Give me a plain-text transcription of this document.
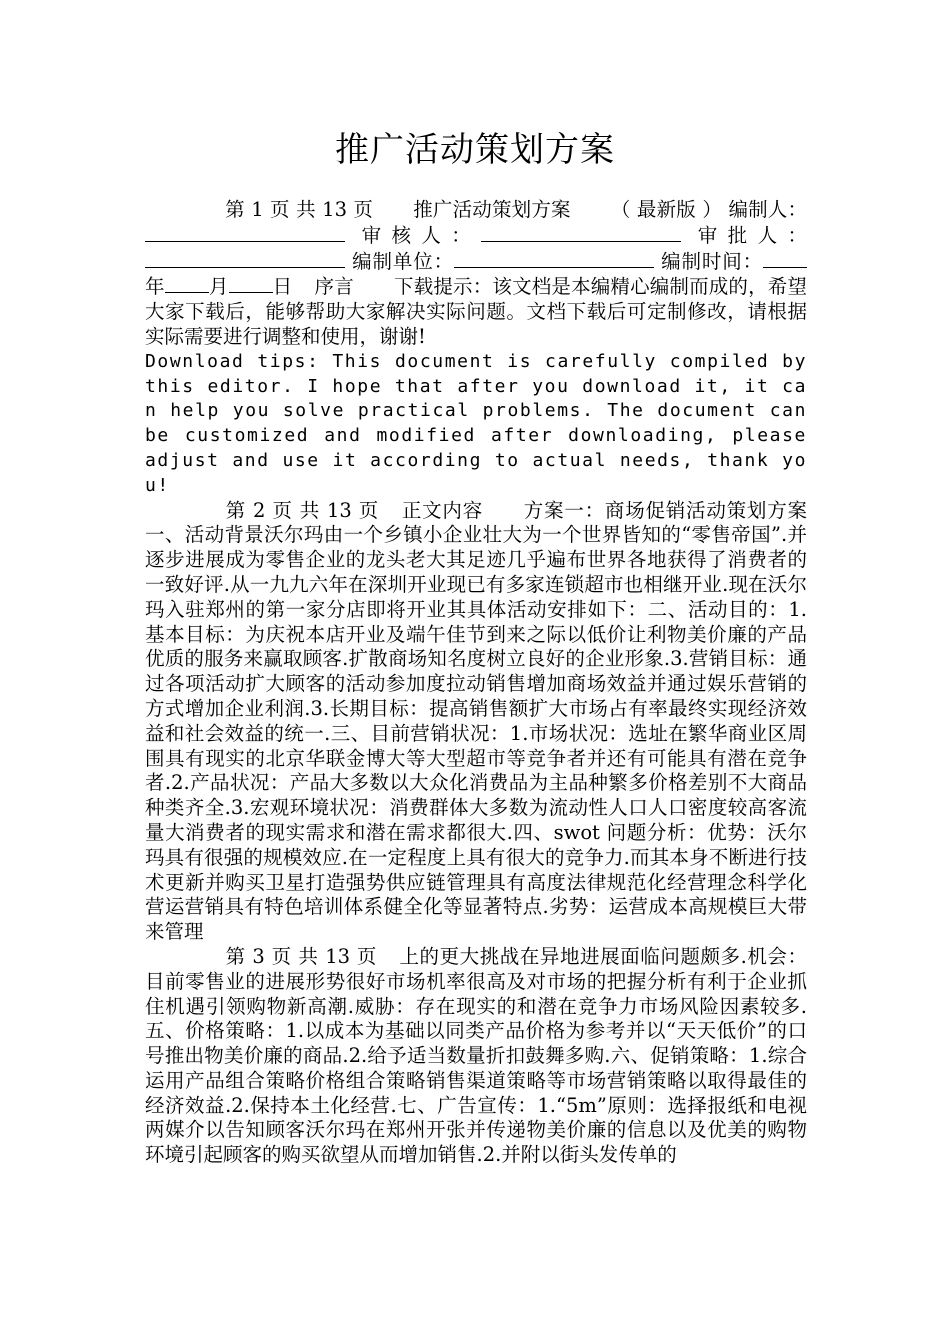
推广活动策划方案

第 1 页 共 13 页 推广活动策划方案 （ 最新版 ） 编制人： 审核人：	审批人： 编制单位：	编制时间：年 月 日 序言 下载提示：该文档是本编精心编制而成的，希望大家下载后，能够帮助大家解决实际问题。文档下载后可定制修改，请根据实际需要进行调整和使用，谢谢!

Download tips: This document is carefully compiled by this editor. I hope that after you download it, it can help you solve practical problems. The document can be customized and modified after downloading, please adjust and use it according to actual needs, thank you!

第 2 页 共 13 页 正文内容 方案一：商场促销活动策划方案一、活动背景沃尔玛由一个乡镇小企业壮大为一个世界皆知的“零售帝国”.并逐步进展成为零售企业的龙头老大其足迹几乎遍布世界各地获得了消费者的一致好评.从一九九六年在深圳开业现已有多家连锁超市也相继开业.现在沃尔玛入驻郑州的第一家分店即将开业其具体活动安排如下：二、活动目的：1.基本目标：为庆祝本店开业及端午佳节到来之际以低价让利物美价廉的产品优质的服务来赢取顾客.扩散商场知名度树立良好的企业形象.3.营销目标：通过各项活动扩大顾客的活动参加度拉动销售增加商场效益并通过娱乐营销的方式增加企业利润.3.长期目标：提高销售额扩大市场占有率最终实现经济效益和社会效益的统一.三、目前营销状况：1.市场状况：选址在繁华商业区周围具有现实的北京华联金博大等大型超市等竞争者并还有可能具有潜在竞争者.2.产品状况：产品大多数以大众化消费品为主品种繁多价格差别不大商品种类齐全.3.宏观环境状况：消费群体大多数为流动性人口人口密度较高客流量大消费者的现实需求和潜在需求都很大.四、swot 问题分析：优势：沃尔玛具有很强的规模效应.在一定程度上具有很大的竞争力.而其本身不断进行技术更新并购买卫星打造强势供应链管理具有高度法律规范化经营理念科学化营运营销具有特色培训体系健全化等显著特点.劣势：运营成本高规模巨大带来管理

第 3 页 共 13 页 上的更大挑战在异地进展面临问题颇多.机会：目前零售业的进展形势很好市场机率很高及对市场的把握分析有利于企业抓住机遇引领购物新高潮.威胁：存在现实的和潜在竞争力市场风险因素较多.五、价格策略：1.以成本为基础以同类产品价格为参考并以“天天低价”的口号推出物美价廉的商品.2.给予适当数量折扣鼓舞多购.六、促销策略：1.综合运用产品组合策略价格组合策略销售渠道策略等市场营销策略以取得最佳的经济效益.2.保持本土化经营.七、广告宣传：1.“5m”原则：选择报纸和电视两媒介以告知顾客沃尔玛在郑州开张并传递物美价廉的信息以及优美的购物环境引起顾客的购买欲望从而增加销售.2.并附以街头发传单的
